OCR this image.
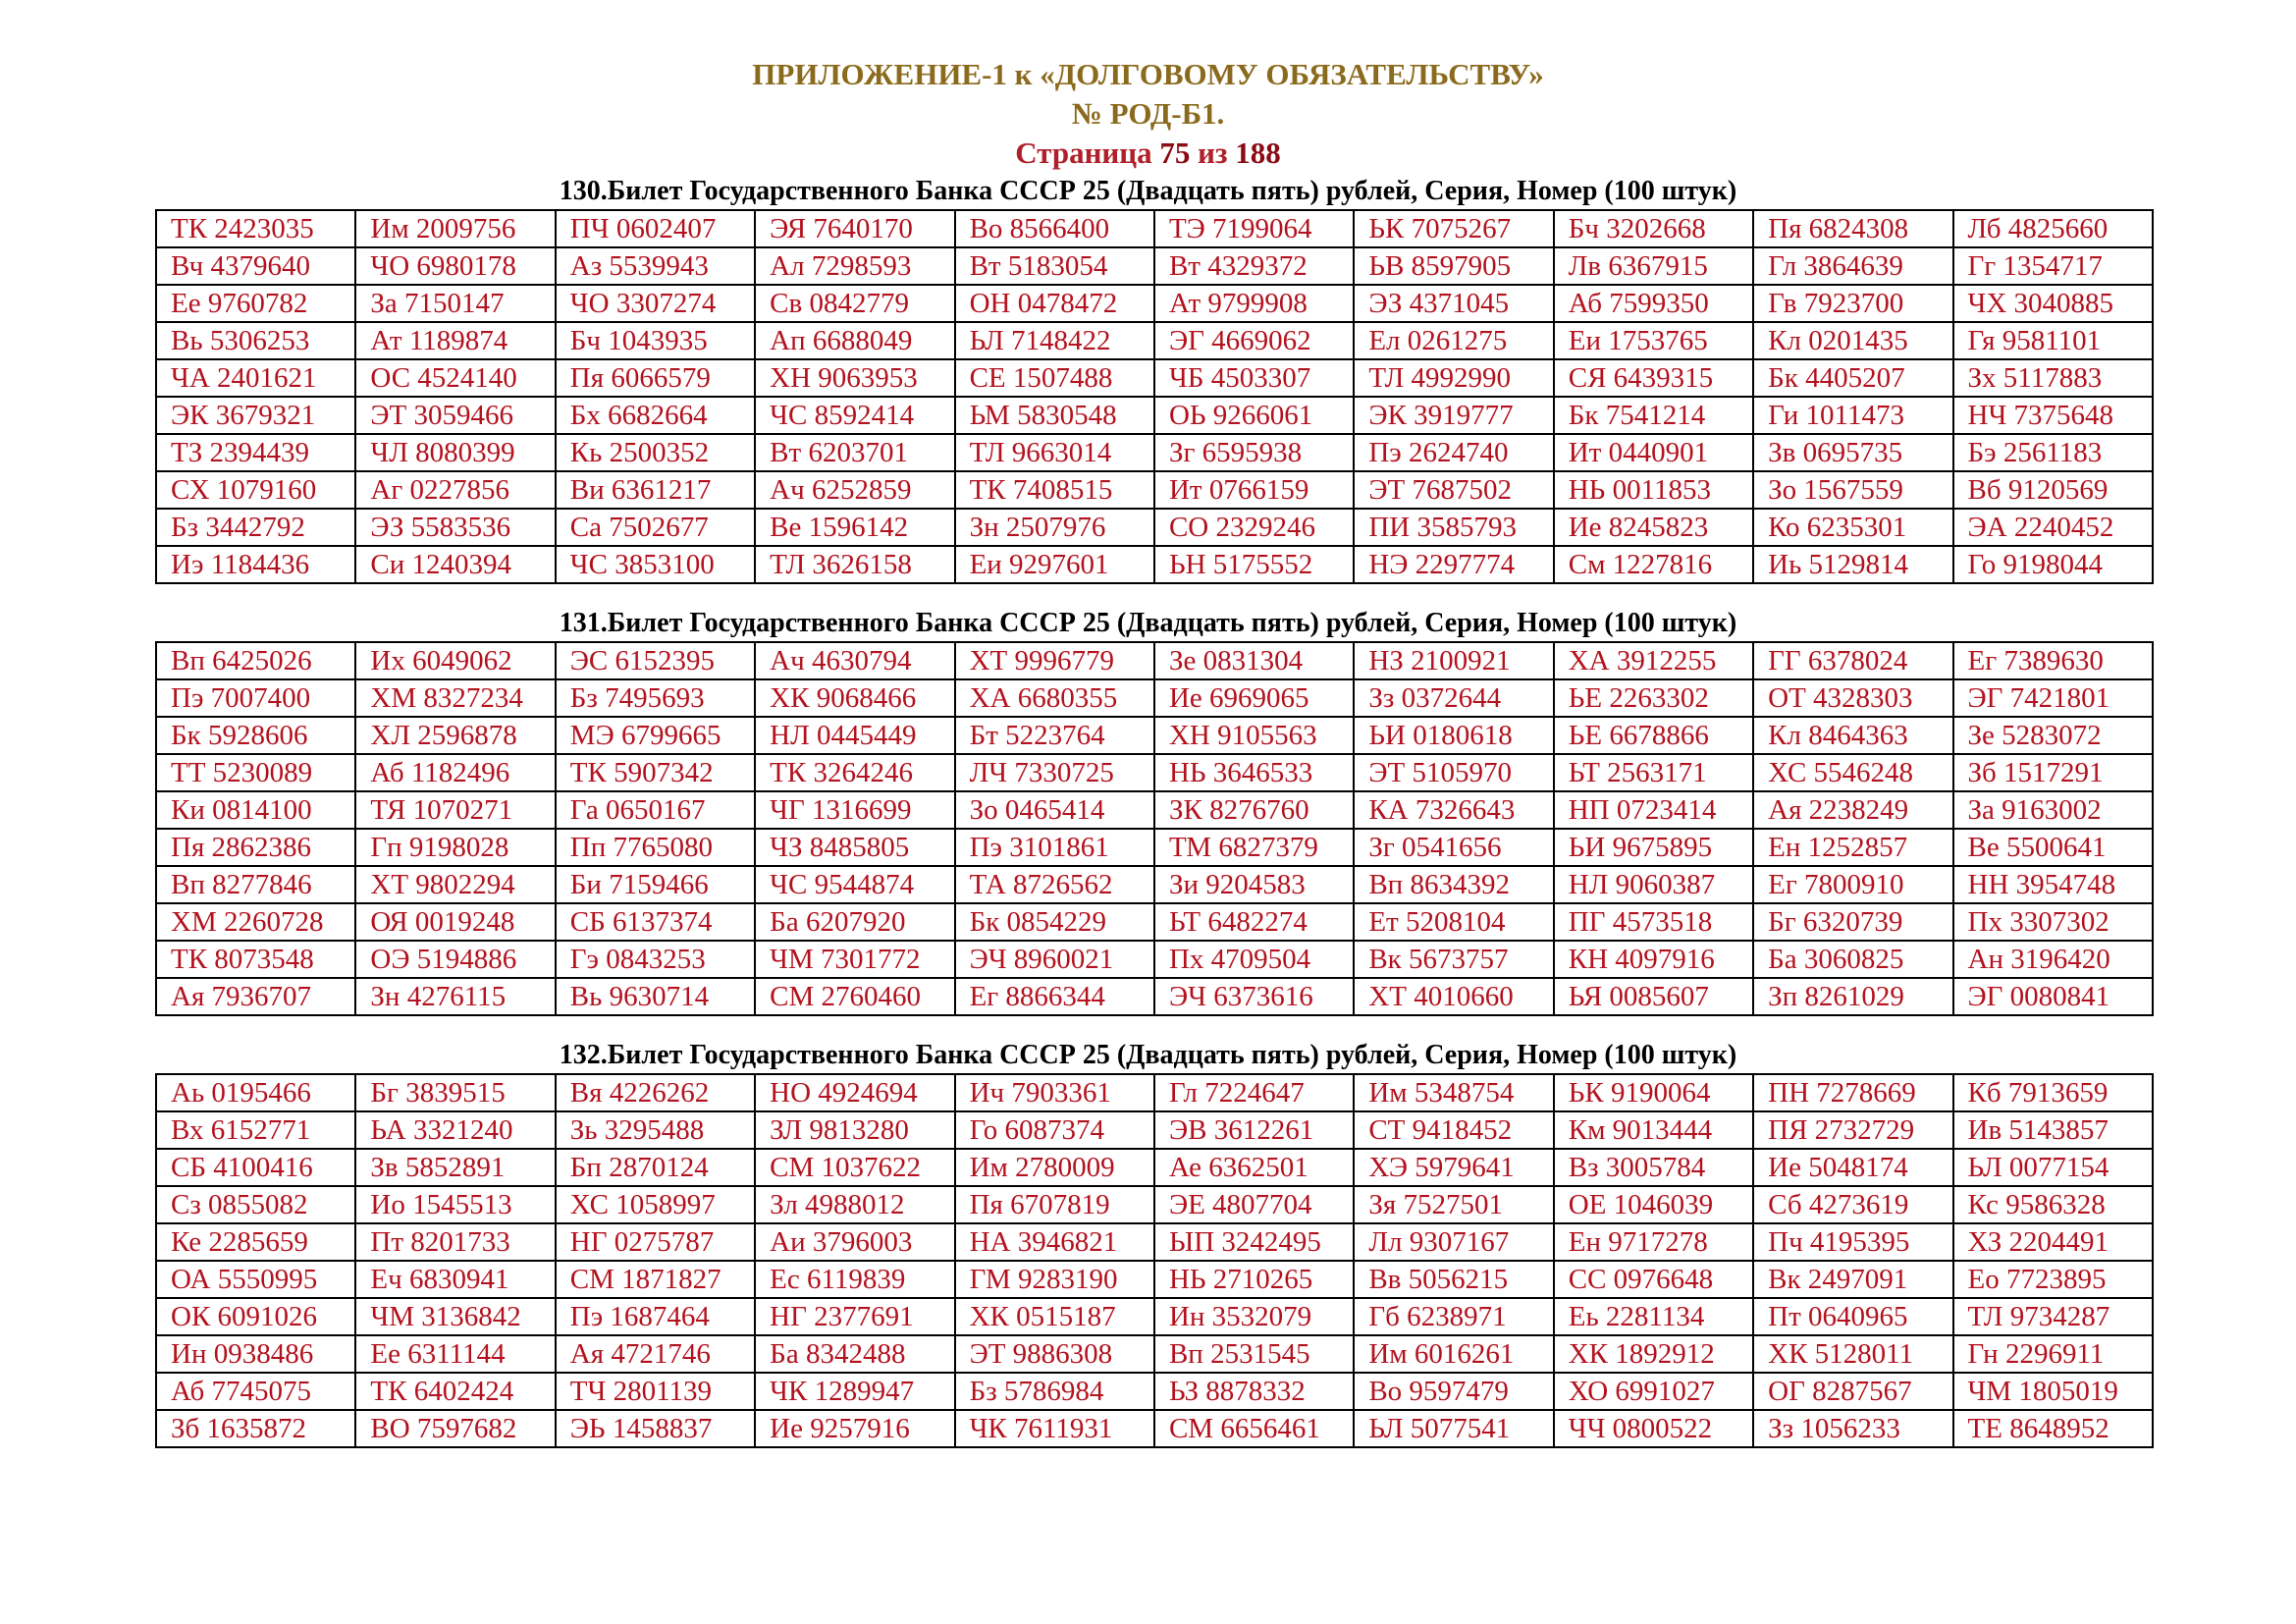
ПРИЛОЖЕНИЕ-1 к «ДОЛГОВОМУ ОБЯЗАТЕЛЬСТВУ»
№ РОД-Б1.
Страница 75 из 188
130.Билет Государственного Банка СССР 25 (Двадцать пять) рублей, Серия, Номер (100 штук)
ТК 2423035	Им 2009756	ПЧ 0602407	ЭЯ 7640170	Во 8566400	ТЭ 7199064	ЬК 7075267	Бч 3202668	Пя 6824308	Лб 4825660
Вч 4379640	ЧО 6980178	Аз 5539943	Ал 7298593	Вт 5183054	Вт 4329372	ЬВ 8597905	Лв 6367915	Гл 3864639	Гг 1354717
Ее 9760782	За 7150147	ЧО 3307274	Св 0842779	ОН 0478472	Ат 9799908	ЭЗ 4371045	Аб 7599350	Гв 7923700	ЧХ 3040885
Вь 5306253	Ат 1189874	Бч 1043935	Ап 6688049	ЬЛ 7148422	ЭГ 4669062	Ел 0261275	Еи 1753765	Кл 0201435	Гя 9581101
ЧА 2401621	ОС 4524140	Пя 6066579	ХН 9063953	СЕ 1507488	ЧБ 4503307	ТЛ 4992990	СЯ 6439315	Бк 4405207	Зх 5117883
ЭК 3679321	ЭТ 3059466	Бх 6682664	ЧС 8592414	ЬМ 5830548	ОЬ 9266061	ЭК 3919777	Бк 7541214	Ги 1011473	НЧ 7375648
ТЗ 2394439	ЧЛ 8080399	Кь 2500352	Вт 6203701	ТЛ 9663014	Зг 6595938	Пэ 2624740	Ит 0440901	Зв 0695735	Бэ 2561183
СХ 1079160	Аг 0227856	Ви 6361217	Ач 6252859	ТК 7408515	Ит 0766159	ЭТ 7687502	НЬ 0011853	Зо 1567559	Вб 9120569
Бз 3442792	ЭЗ 5583536	Са 7502677	Ве 1596142	Зн 2507976	СО 2329246	ПИ 3585793	Ие 8245823	Ко 6235301	ЭА 2240452
Иэ 1184436	Си 1240394	ЧС 3853100	ТЛ 3626158	Еи 9297601	ЬН 5175552	НЭ 2297774	См 1227816	Иь 5129814	Го 9198044
131.Билет Государственного Банка СССР 25 (Двадцать пять) рублей, Серия, Номер (100 штук)
Вп 6425026	Их 6049062	ЭС 6152395	Ач 4630794	ХТ 9996779	Зе 0831304	НЗ 2100921	ХА 3912255	ГГ 6378024	Ег 7389630
Пэ 7007400	ХМ 8327234	Бз 7495693	ХК 9068466	ХА 6680355	Ие 6969065	Зз 0372644	ЬЕ 2263302	ОТ 4328303	ЭГ 7421801
Бк 5928606	ХЛ 2596878	МЭ 6799665	НЛ 0445449	Бт 5223764	ХН 9105563	ЬИ 0180618	ЬЕ 6678866	Кл 8464363	Зе 5283072
ТТ 5230089	Аб 1182496	ТК 5907342	ТК 3264246	ЛЧ 7330725	НЬ 3646533	ЭТ 5105970	ЬТ 2563171	ХС 5546248	Зб 1517291
Ки 0814100	ТЯ 1070271	Га 0650167	ЧГ 1316699	Зо 0465414	ЗК 8276760	КА 7326643	НП 0723414	Ая 2238249	За 9163002
Пя 2862386	Гп 9198028	Пп 7765080	ЧЗ 8485805	Пэ 3101861	ТМ 6827379	Зг 0541656	ЬИ 9675895	Ен 1252857	Ве 5500641
Вп 8277846	ХТ 9802294	Би 7159466	ЧС 9544874	ТА 8726562	Зи 9204583	Вп 8634392	НЛ 9060387	Ег 7800910	НН 3954748
ХМ 2260728	ОЯ 0019248	СБ 6137374	Ба 6207920	Бк 0854229	ЬТ 6482274	Ет 5208104	ПГ 4573518	Бг 6320739	Пх 3307302
ТК 8073548	ОЭ 5194886	Гэ 0843253	ЧМ 7301772	ЭЧ 8960021	Пх 4709504	Вк 5673757	КН 4097916	Ба 3060825	Ан 3196420
Ая 7936707	Зн 4276115	Вь 9630714	СМ 2760460	Ег 8866344	ЭЧ 6373616	ХТ 4010660	ЬЯ 0085607	Зп 8261029	ЭГ 0080841
132.Билет Государственного Банка СССР 25 (Двадцать пять) рублей, Серия, Номер (100 штук)
Аь 0195466	Бг 3839515	Вя 4226262	НО 4924694	Ич 7903361	Гл 7224647	Им 5348754	ЬК 9190064	ПН 7278669	Кб 7913659
Вх 6152771	ЬА 3321240	Зь 3295488	ЗЛ 9813280	Го 6087374	ЭВ 3612261	СТ 9418452	Км 9013444	ПЯ 2732729	Ив 5143857
СБ 4100416	Зв 5852891	Бп 2870124	СМ 1037622	Им 2780009	Ае 6362501	ХЭ 5979641	Вз 3005784	Ие 5048174	ЬЛ 0077154
Сз 0855082	Ио 1545513	ХС 1058997	Зл 4988012	Пя 6707819	ЭЕ 4807704	Зя 7527501	ОЕ 1046039	Сб 4273619	Кс 9586328
Ке 2285659	Пт 8201733	НГ 0275787	Аи 3796003	НА 3946821	ЫП 3242495	Лл 9307167	Ен 9717278	Пч 4195395	ХЗ 2204491
ОА 5550995	Еч 6830941	СМ 1871827	Ес 6119839	ГМ 9283190	НЬ 2710265	Вв 5056215	СС 0976648	Вк 2497091	Ео 7723895
ОК 6091026	ЧМ 3136842	Пэ 1687464	НГ 2377691	ХК 0515187	Ин 3532079	Гб 6238971	Еь 2281134	Пт 0640965	ТЛ 9734287
Ин 0938486	Ее 6311144	Ая 4721746	Ба 8342488	ЭТ 9886308	Вп 2531545	Им 6016261	ХК 1892912	ХК 5128011	Гн 2296911
Аб 7745075	ТК 6402424	ТЧ 2801139	ЧК 1289947	Бз 5786984	ЬЗ 8878332	Во 9597479	ХО 6991027	ОГ 8287567	ЧМ 1805019
Зб 1635872	ВО 7597682	ЭЬ 1458837	Ие 9257916	ЧК 7611931	СМ 6656461	ЬЛ 5077541	ЧЧ 0800522	Зз 1056233	ТЕ 8648952
